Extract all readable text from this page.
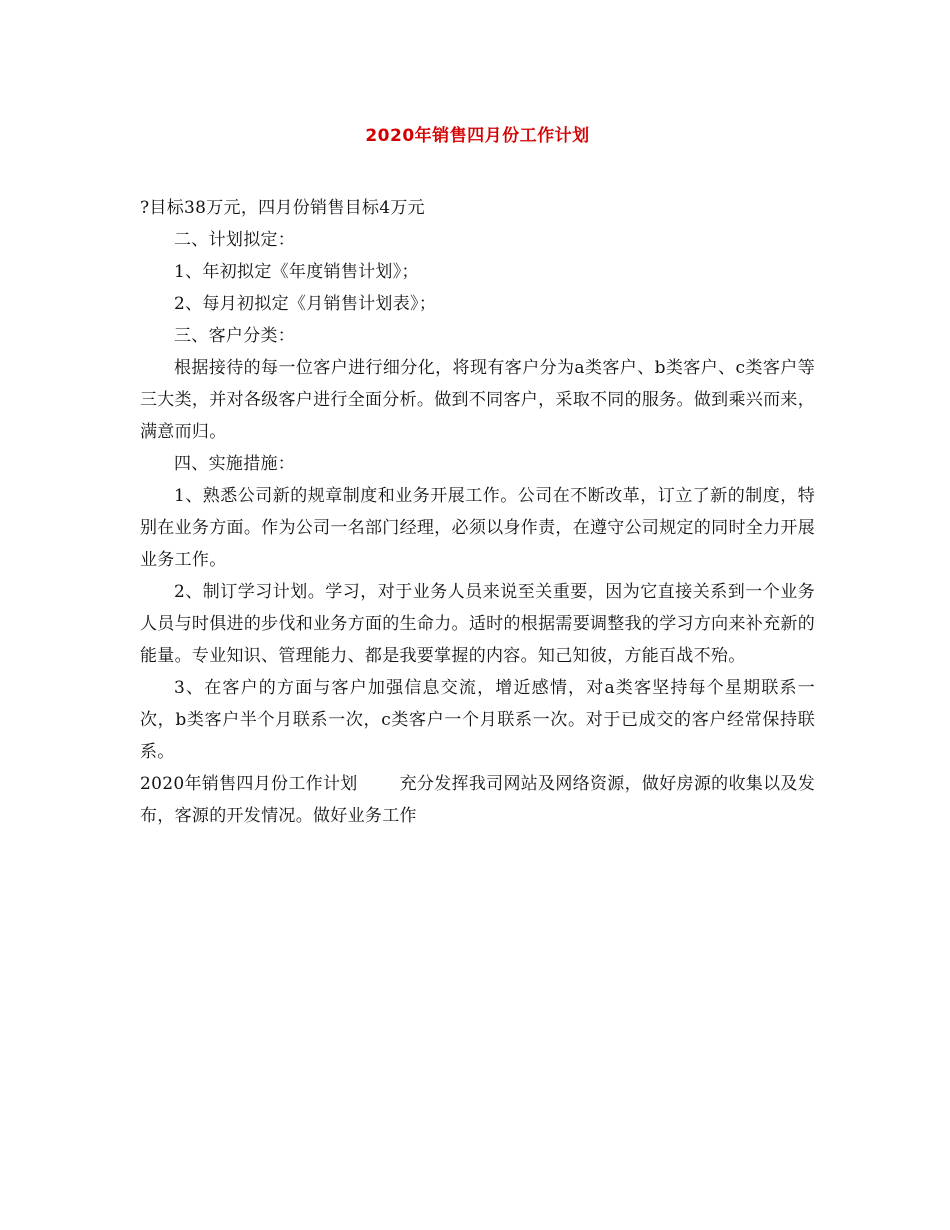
2020年销售四月份工作计划

?目标38万元，四月份销售目标4万元

二、计划拟定：

1、年初拟定《年度销售计划》；

2、每月初拟定《月销售计划表》；

三、客户分类：

根据接待的每一位客户进行细分化，将现有客户分为a类客户、b类客户、c类客户等三大类，并对各级客户进行全面分析。做到不同客户，采取不同的服务。做到乘兴而来，满意而归。

四、实施措施：

1、熟悉公司新的规章制度和业务开展工作。公司在不断改革，订立了新的制度，特别在业务方面。作为公司一名部门经理，必须以身作责，在遵守公司规定的同时全力开展业务工作。

2、制订学习计划。学习，对于业务人员来说至关重要，因为它直接关系到一个业务人员与时俱进的步伐和业务方面的生命力。适时的根据需要调整我的学习方向来补充新的能量。专业知识、管理能力、都是我要掌握的内容。知己知彼，方能百战不殆。

3、在客户的方面与客户加强信息交流，增近感情，对a类客坚持每个星期联系一次，b类客户半个月联系一次，c类客户一个月联系一次。对于已成交的客户经常保持联系。

2020年销售四月份工作计划 充分发挥我司网站及网络资源，做好房源的收集以及发布，客源的开发情况。做好业务工作
